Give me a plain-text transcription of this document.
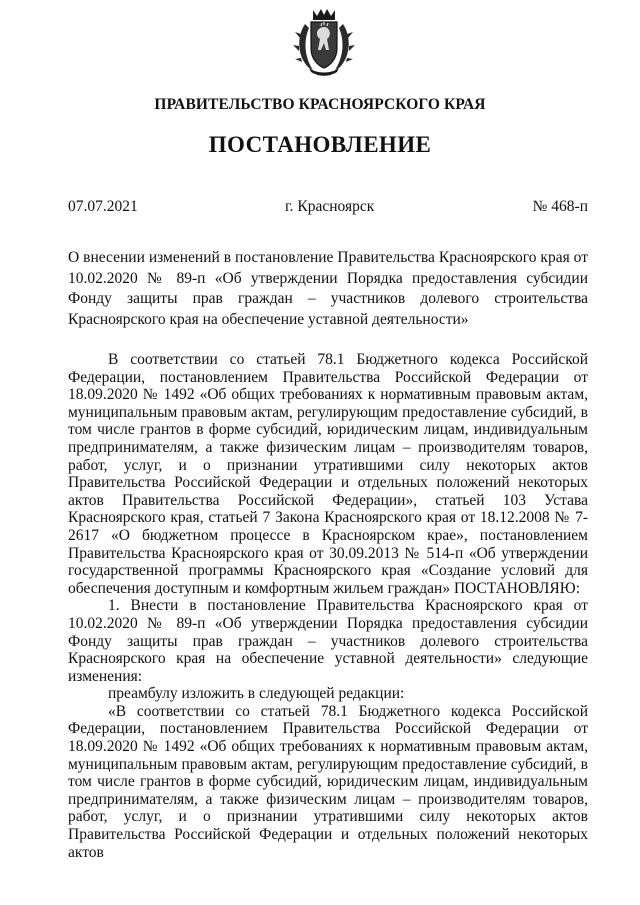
ПРАВИТЕЛЬСТВО КРАСНОЯРСКОГО КРАЯ
ПОСТАНОВЛЕНИЕ
07.07.2021	г. Красноярск	№ 468-п
О внесении изменений в постановление Правительства Красноярского края от 10.02.2020 № 89-п «Об утверждении Порядка предоставления субсидии Фонду защиты прав граждан – участников долевого строительства Красноярского края на обеспечение уставной деятельности»

В соответствии со статьей 78.1 Бюджетного кодекса Российской Федерации, постановлением Правительства Российской Федерации от 18.09.2020 № 1492 «Об общих требованиях к нормативным правовым актам, муниципальным правовым актам, регулирующим предоставление субсидий, в том числе грантов в форме субсидий, юридическим лицам, индивидуальным предпринимателям, а также физическим лицам – производителям товаров, работ, услуг, и о признании утратившими силу некоторых актов Правительства Российской Федерации и отдельных положений некоторых актов Правительства Российской Федерации», статьей 103 Устава Красноярского края, статьей 7 Закона Красноярского края от 18.12.2008 № 7-2617 «О бюджетном процессе в Красноярском крае», постановлением Правительства Красноярского края от 30.09.2013 № 514-п «Об утверждении государственной программы Красноярского края «Создание условий для обеспечения доступным и комфортным жильем граждан» ПОСТАНОВЛЯЮ:

1. Внести в постановление Правительства Красноярского края от 10.02.2020 № 89-п «Об утверждении Порядка предоставления субсидии Фонду защиты прав граждан – участников долевого строительства Красноярского края на обеспечение уставной деятельности» следующие изменения:

преамбулу изложить в следующей редакции:

«В соответствии со статьей 78.1 Бюджетного кодекса Российской Федерации, постановлением Правительства Российской Федерации от 18.09.2020 № 1492 «Об общих требованиях к нормативным правовым актам, муниципальным правовым актам, регулирующим предоставление субсидий, в том числе грантов в форме субсидий, юридическим лицам, индивидуальным предпринимателям, а также физическим лицам – производителям товаров, работ, услуг, и о признании утратившими силу некоторых актов Правительства Российской Федерации и отдельных положений некоторых актов
